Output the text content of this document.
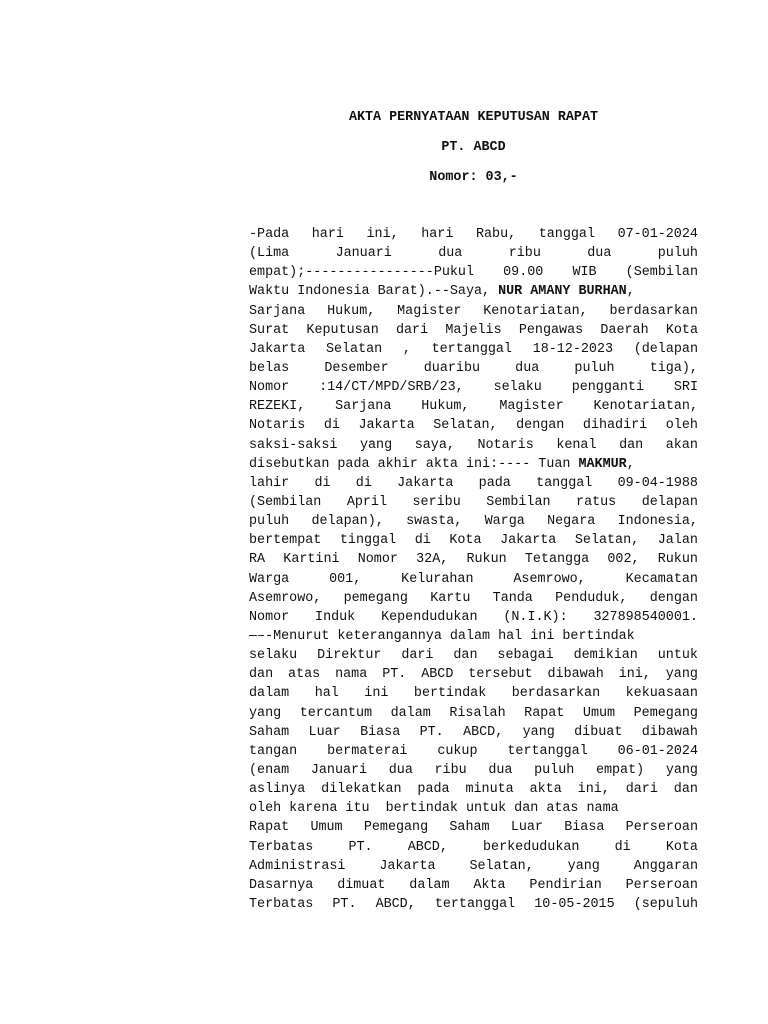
AKTA PERNYATAAN KEPUTUSAN RAPAT
PT. ABCD
Nomor: 03,-
-Pada hari ini, hari Rabu, tanggal 07-01-2024
(Lima	Januari	dua	ribu	dua	puluh
empat);----------------Pukul 09.00 WIB (Sembilan
Waktu Indonesia Barat).--Saya, NUR AMANY BURHAN ,
Sarjana Hukum, Magister Kenotariatan, berdasarkan
Surat Keputusan dari Majelis Pengawas Daerah Kota
Jakarta Selatan , tertanggal 18-12-2023 (delapan
belas	Desember	duaribu	dua	puluh	tiga),
Nomor :14/CT/MPD/SRB/23, selaku pengganti SRI
REZEKI, Sarjana Hukum, Magister Kenotariatan,
Notaris di Jakarta Selatan, dengan dihadiri oleh
saksi-saksi yang saya, Notaris kenal dan akan
disebutkan pada akhir akta ini:---- Tuan MAKMUR ,
lahir di di Jakarta pada tanggal 09-04-1988
(Sembilan April seribu Sembilan ratus delapan
puluh delapan), swasta, Warga Negara Indonesia,
bertempat tinggal di Kota Jakarta Selatan, Jalan
RA Kartini Nomor 32A, Rukun Tetangga 002, Rukun
Warga	001,	Kelurahan	Asemrowo,	Kecamatan
Asemrowo, pemegang Kartu Tanda Penduduk, dengan
Nomor Induk Kependudukan (N.I.K): 327898540001.
—–-Menurut keterangannya dalam hal ini bertindak
selaku Direktur dari dan sebagai demikian untuk
dan atas nama PT. ABCD tersebut dibawah ini, yang
dalam hal ini bertindak berdasarkan kekuasaan
yang tercantum dalam Risalah Rapat Umum Pemegang
Saham Luar Biasa PT. ABCD, yang dibuat dibawah
tangan bermaterai cukup tertanggal 06-01-2024
(enam Januari dua ribu dua puluh empat) yang
aslinya dilekatkan pada minuta akta ini, dari dan
oleh karena itu  bertindak untuk dan atas nama
Rapat Umum Pemegang Saham Luar Biasa Perseroan
Terbatas	PT.	ABCD,	berkedudukan	di	Kota
Administrasi	Jakarta	Selatan,	yang	Anggaran
Dasarnya dimuat dalam Akta Pendirian Perseroan
Terbatas PT. ABCD, tertanggal 10-05-2015 (sepuluh
